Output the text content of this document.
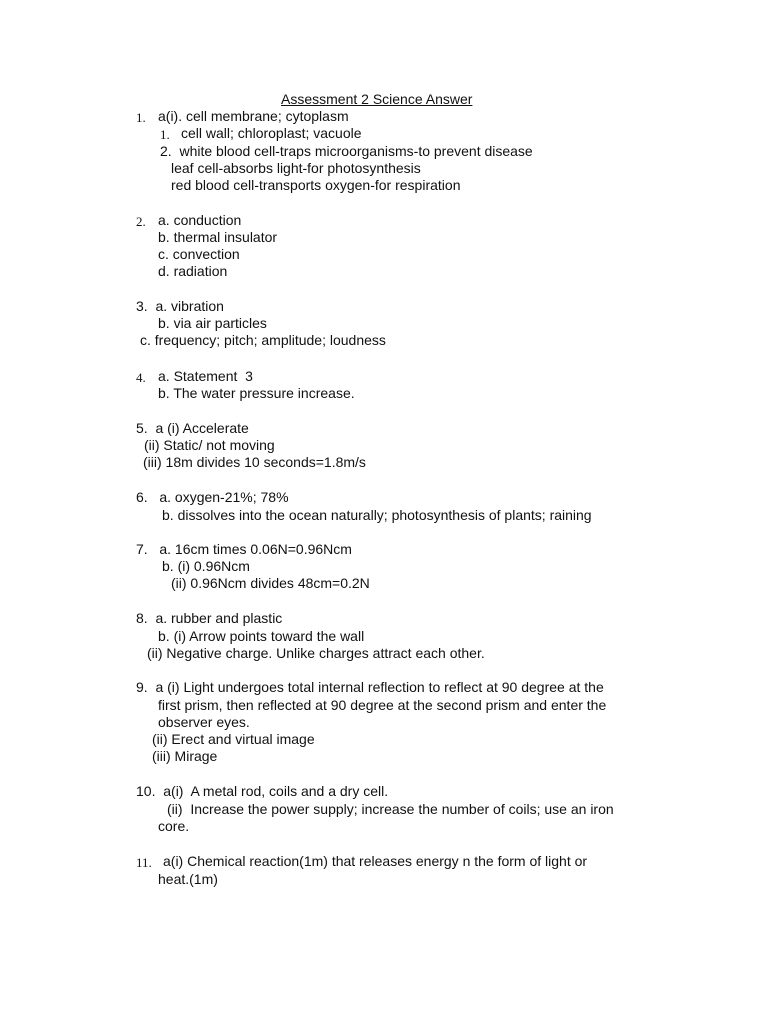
Assessment 2 Science Answer
1. a(i). cell membrane; cytoplasm
1. cell wall; chloroplast; vacuole
2.  white blood cell-traps microorganisms-to prevent disease
leaf cell-absorbs light-for photosynthesis
red blood cell-transports oxygen-for respiration
2. a. conduction
b. thermal insulator
c. convection
d. radiation
3.  a. vibration
b. via air particles
c. frequency; pitch; amplitude; loudness
4. a. Statement  3
b. The water pressure increase.
5.  a (i) Accelerate
(ii) Static/ not moving
(iii) 18m divides 10 seconds=1.8m/s
6.   a. oxygen-21%; 78%
b. dissolves into the ocean naturally; photosynthesis of plants; raining
7.   a. 16cm times 0.06N=0.96Ncm
b. (i) 0.96Ncm
(ii) 0.96Ncm divides 48cm=0.2N
8.  a. rubber and plastic
b. (i) Arrow points toward the wall
(ii) Negative charge. Unlike charges attract each other.
9.  a (i) Light undergoes total internal reflection to reflect at 90 degree at the
first prism, then reflected at 90 degree at the second prism and enter the
observer eyes.
(ii) Erect and virtual image
(iii) Mirage
10.  a(i)  A metal rod, coils and a dry cell.
(ii)  Increase the power supply; increase the number of coils; use an iron
core.
11. a(i) Chemical reaction(1m) that releases energy n the form of light or
heat.(1m)
